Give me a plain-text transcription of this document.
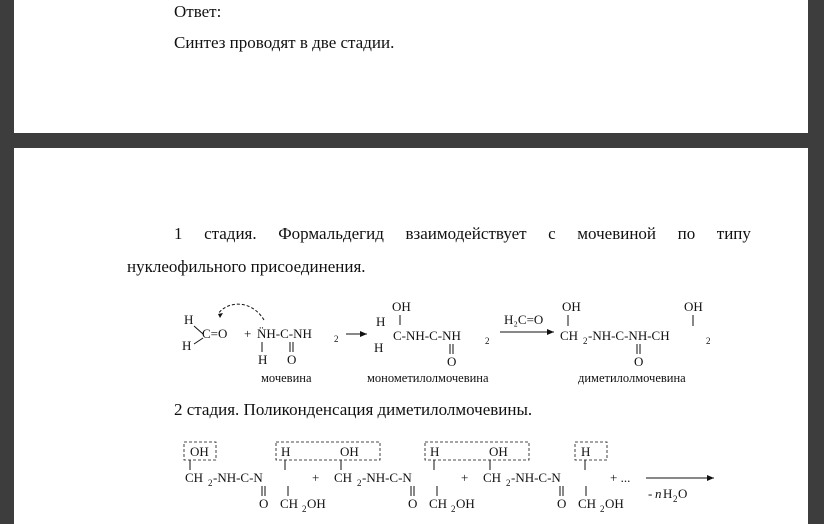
Ответ:
Синтез проводят в две стадии.
1 стадия. Формальдегид взаимодействует с мочевиной по типу
нуклеофильного присоединения.
H
H
C=O + N̈H-C-NH 2
H O
OH
H
H
C-NH-C-NH	2
O
H₂C=O
OH	OH
CH 2 -NH-C-NH-CH	2
O
мочевина	монометилолмочевина	диметилолмочевина
2 стадия. Поликонденсация диметилолмочевины.
OH	H	OH	H	OH	H
CH 2 -NH-C-N	+ CH 2 -NH-C-N	+ CH 2 -NH-C-N	+ ...
- n H 2 O
O CH 2 OH	O CH 2 OH	O CH 2 OH
